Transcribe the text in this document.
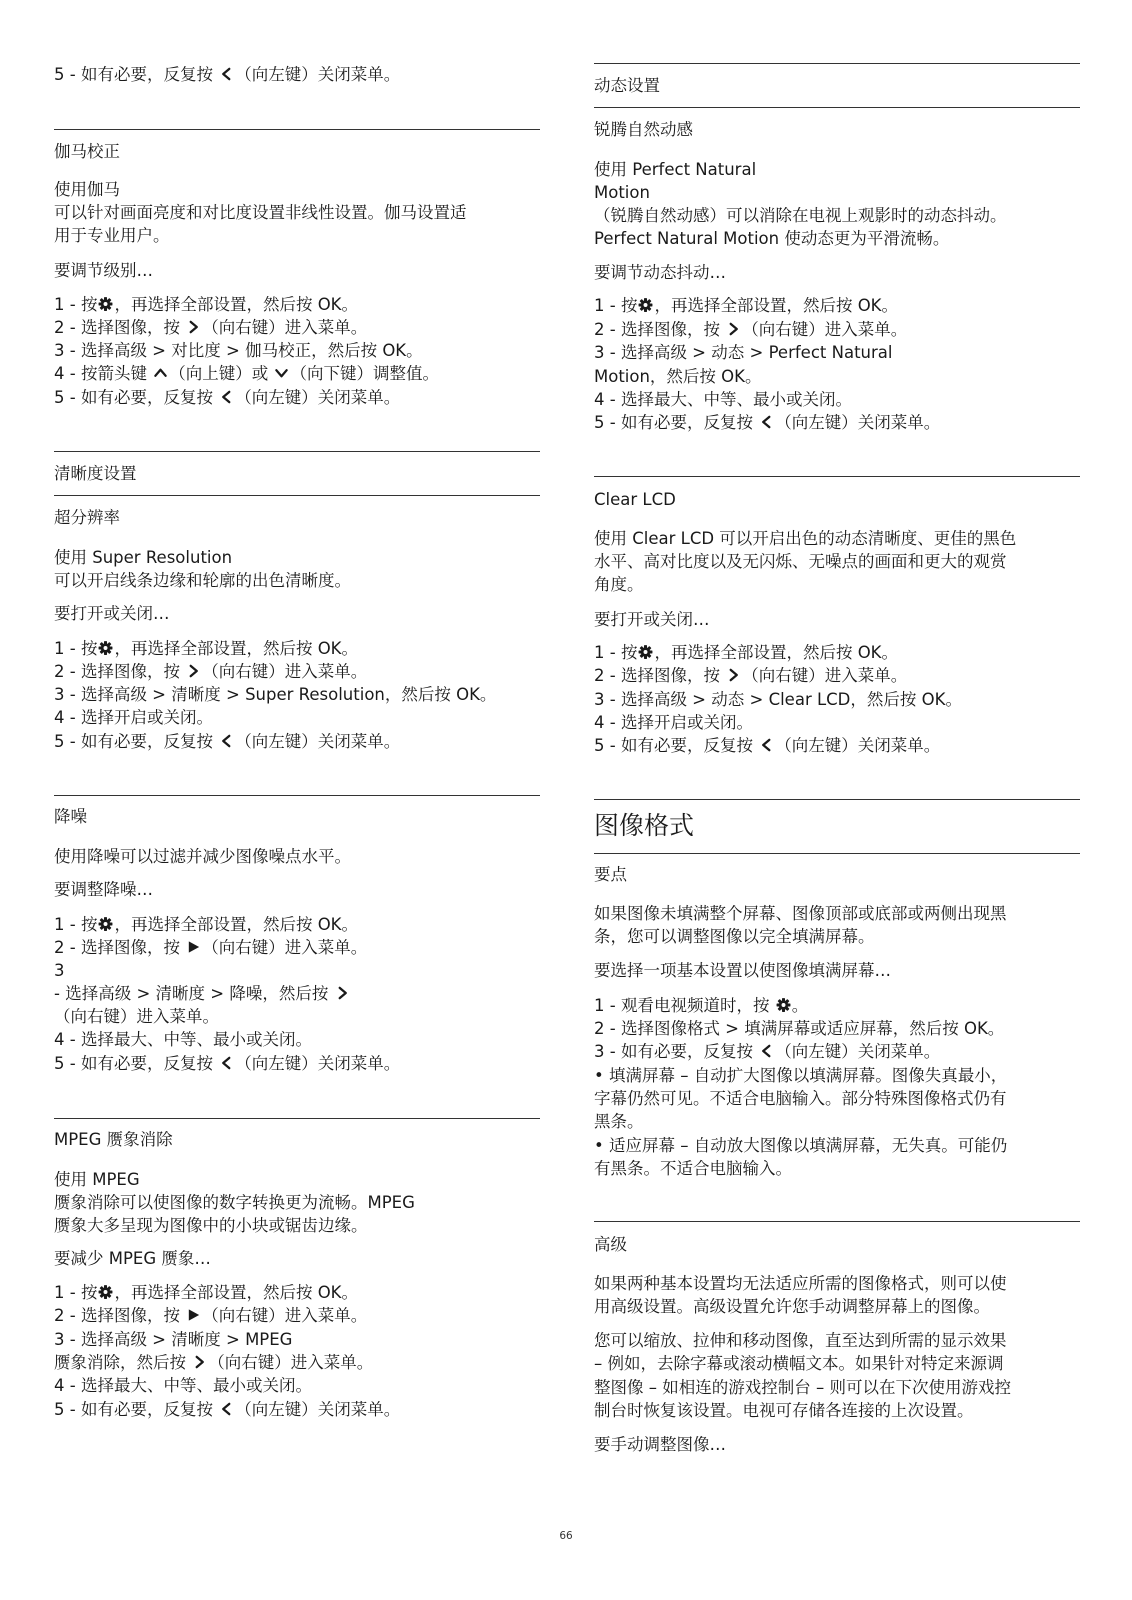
5 - 如有必要，反复按 （向左键）关闭菜单。
伽马校正
使用伽马
可以针对画面亮度和对比度设置非线性设置。伽马设置适
用于专业用户。
要调节级别…
1 - 按 ，再选择全部设置，然后按 OK。
2 - 选择图像，按 （向右键）进入菜单。
3 - 选择高级 > 对比度 > 伽马校正，然后按 OK。
4 - 按箭头键 （向上键）或 （向下键）调整值。
5 - 如有必要，反复按 （向左键）关闭菜单。
清晰度设置
超分辨率
使用 Super Resolution
可以开启线条边缘和轮廓的出色清晰度。
要打开或关闭…
1 - 按 ，再选择全部设置，然后按 OK。
2 - 选择图像，按 （向右键）进入菜单。
3 - 选择高级 > 清晰度 > Super Resolution，然后按 OK。
4 - 选择开启或关闭。
5 - 如有必要，反复按 （向左键）关闭菜单。
降噪
使用降噪可以过滤并减少图像噪点水平。
要调整降噪…
1 - 按 ，再选择全部设置，然后按 OK。
2 - 选择图像，按 （向右键）进入菜单。
3
- 选择高级 > 清晰度 > 降噪，然后按
（向右键）进入菜单。
4 - 选择最大、中等、最小或关闭。
5 - 如有必要，反复按 （向左键）关闭菜单。
MPEG 赝象消除
使用 MPEG
赝象消除可以使图像的数字转换更为流畅。MPEG
赝象大多呈现为图像中的小块或锯齿边缘。
要减少 MPEG 赝象…
1 - 按 ，再选择全部设置，然后按 OK。
2 - 选择图像，按 （向右键）进入菜单。
3 - 选择高级 > 清晰度 > MPEG
赝象消除，然后按 （向右键）进入菜单。
4 - 选择最大、中等、最小或关闭。
5 - 如有必要，反复按 （向左键）关闭菜单。
动态设置
锐腾自然动感
使用 Perfect Natural
Motion
（锐腾自然动感）可以消除在电视上观影时的动态抖动。
Perfect Natural Motion 使动态更为平滑流畅。
要调节动态抖动…
1 - 按 ，再选择全部设置，然后按 OK。
2 - 选择图像，按 （向右键）进入菜单。
3 - 选择高级 > 动态 > Perfect Natural
Motion，然后按 OK。
4 - 选择最大、中等、最小或关闭。
5 - 如有必要，反复按 （向左键）关闭菜单。
Clear LCD
使用 Clear LCD 可以开启出色的动态清晰度、更佳的黑色
水平、高对比度以及无闪烁、无噪点的画面和更大的观赏
角度。
要打开或关闭…
1 - 按 ，再选择全部设置，然后按 OK。
2 - 选择图像，按 （向右键）进入菜单。
3 - 选择高级 > 动态 > Clear LCD，然后按 OK。
4 - 选择开启或关闭。
5 - 如有必要，反复按 （向左键）关闭菜单。
图像格式
要点
如果图像未填满整个屏幕、图像顶部或底部或两侧出现黑
条，您可以调整图像以完全填满屏幕。
要选择一项基本设置以使图像填满屏幕…
1 - 观看电视频道时，按 。
2 - 选择图像格式 > 填满屏幕或适应屏幕，然后按 OK。
3 - 如有必要，反复按 （向左键）关闭菜单。
• 填满屏幕 – 自动扩大图像以填满屏幕。图像失真最小，
字幕仍然可见。不适合电脑输入。部分特殊图像格式仍有
黑条。
• 适应屏幕 – 自动放大图像以填满屏幕，无失真。可能仍
有黑条。不适合电脑输入。
高级
如果两种基本设置均无法适应所需的图像格式，则可以使
用高级设置。高级设置允许您手动调整屏幕上的图像。
您可以缩放、拉伸和移动图像，直至达到所需的显示效果
– 例如，去除字幕或滚动横幅文本。如果针对特定来源调
整图像 – 如相连的游戏控制台 – 则可以在下次使用游戏控
制台时恢复该设置。电视可存储各连接的上次设置。
要手动调整图像…
66
